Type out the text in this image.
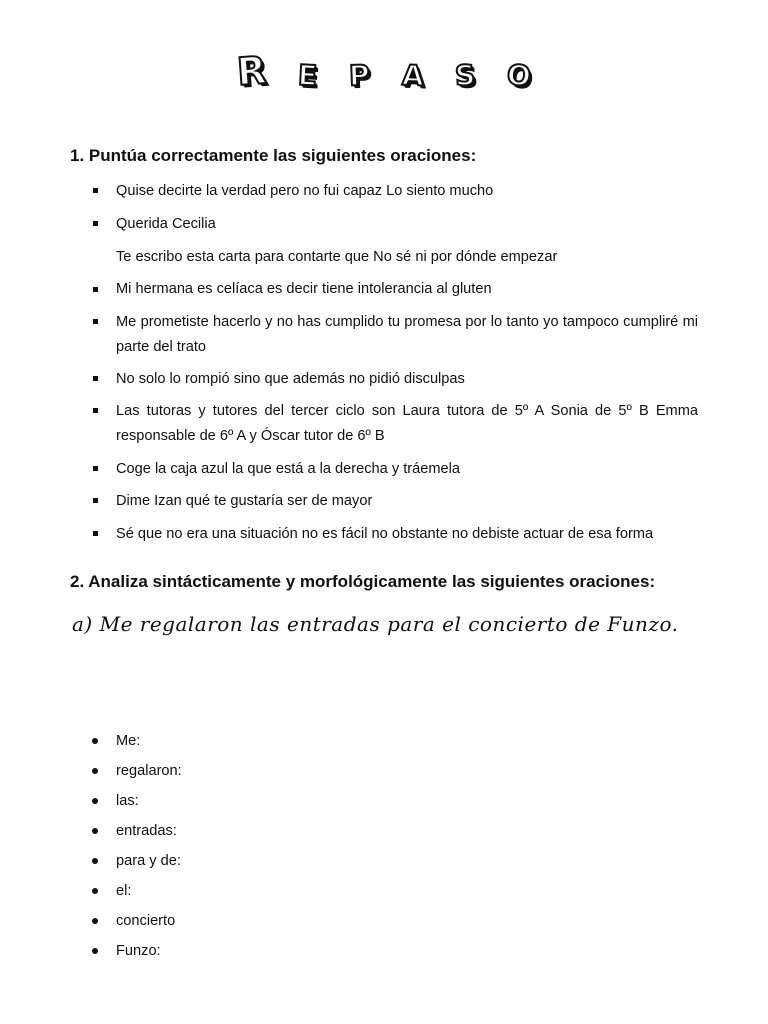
R E P A S O
1. Puntúa correctamente las siguientes oraciones:
Quise decirte la verdad pero no fui capaz Lo siento mucho
Querida Cecilia
Te escribo esta carta para contarte que No sé ni por dónde empezar
Mi hermana es celíaca es decir tiene intolerancia al gluten
Me prometiste hacerlo y no has cumplido tu promesa por lo tanto yo tampoco cumpliré mi parte del trato
No solo lo rompió sino que además no pidió disculpas
Las tutoras y tutores del tercer ciclo son Laura tutora de 5º A Sonia de 5º B Emma responsable de 6º A y Óscar tutor de 6º B
Coge la caja azul la que está a la derecha y tráemela
Dime Izan qué te gustaría ser de mayor
Sé que no era una situación no es fácil no obstante no debiste actuar de esa forma
2. Analiza sintácticamente y morfológicamente las siguientes oraciones:
a) Me regalaron las entradas para el concierto de Funzo.
Me:
regalaron:
las:
entradas:
para y de:
el:
concierto
Funzo:
